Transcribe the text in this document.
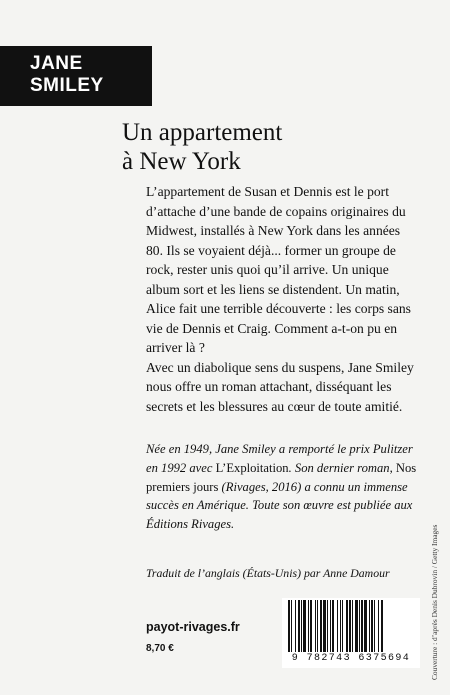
JANE
SMILEY
Un appartement
à New York

L’appartement de Susan et Dennis est le port d’attache d’une bande de copains originaires du Midwest, installés à New York dans les années 80. Ils se voyaient déjà... former un groupe de rock, rester unis quoi qu’il arrive. Un unique album sort et les liens se distendent. Un matin, Alice fait une terrible découverte : les corps sans vie de Dennis et Craig. Comment a-t-on pu en arriver là ?

Avec un diabolique sens du suspens, Jane Smiley nous offre un roman attachant, disséquant les secrets et les blessures au cœur de toute amitié.

Née en 1949, Jane Smiley a remporté le prix Pulitzer en 1992 avec L’Exploitation. Son dernier roman, Nos premiers jours (Rivages, 2016) a connu un immense succès en Amérique. Toute son œuvre est publiée aux Éditions Rivages.
Traduit de l’anglais (États-Unis) par Anne Damour
payot-rivages.fr
8,70 €
9 782743 6375694	Couverture : d’après Denis Dubrovin / Getty Images
